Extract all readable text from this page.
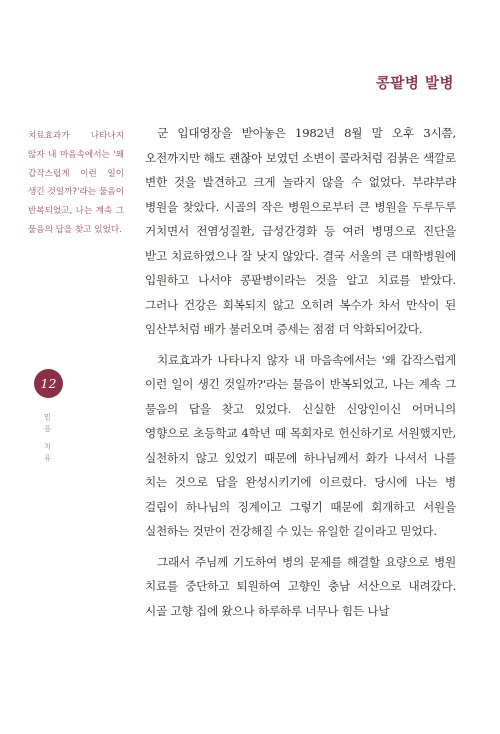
콩팥병 발병
치료효과가 나타나지 않자 내 마음속에서는 '왜 갑작스럽게 이런 일이 생긴 것일까?'라는 물음이 반복되었고, 나는 계속 그 물음의 답을 찾고 있었다.
12
믿음 치유

군 입대영장을 받아놓은 1982년 8월 말 오후 3시쯤, 오전까지만 해도 괜찮아 보였던 소변이 콜라처럼 검붉은 색깔로 변한 것을 발견하고 크게 놀라지 않을 수 없었다. 부랴부랴 병원을 찾았다. 시골의 작은 병원으로부터 큰 병원을 두루두루 거치면서 전염성질환, 급성간경화 등 여러 병명으로 진단을 받고 치료하였으나 잘 낫지 않았다. 결국 서울의 큰 대학병원에 입원하고 나서야 콩팥병이라는 것을 알고 치료를 받았다. 그러나 건강은 회복되지 않고 오히려 복수가 차서 만삭이 된 임산부처럼 배가 불러오며 증세는 점점 더 악화되어갔다.

치료효과가 나타나지 않자 내 마음속에서는 '왜 갑작스럽게 이런 일이 생긴 것일까?'라는 물음이 반복되었고, 나는 계속 그 물음의 답을 찾고 있었다. 신실한 신앙인이신 어머니의 영향으로 초등학교 4학년 때 목회자로 헌신하기로 서원했지만, 실천하지 않고 있었기 때문에 하나님께서 화가 나셔서 나를 치는 것으로 답을 완성시키기에 이르렀다. 당시에 나는 병 걸림이 하나님의 징계이고 그렇기 때문에 회개하고 서원을 실천하는 것만이 건강해질 수 있는 유일한 길이라고 믿었다.

그래서 주님께 기도하여 병의 문제를 해결할 요량으로 병원 치료를 중단하고 퇴원하여 고향인 충남 서산으로 내려갔다. 시골 고향 집에 왔으나 하루하루 너무나 힘든 나날
